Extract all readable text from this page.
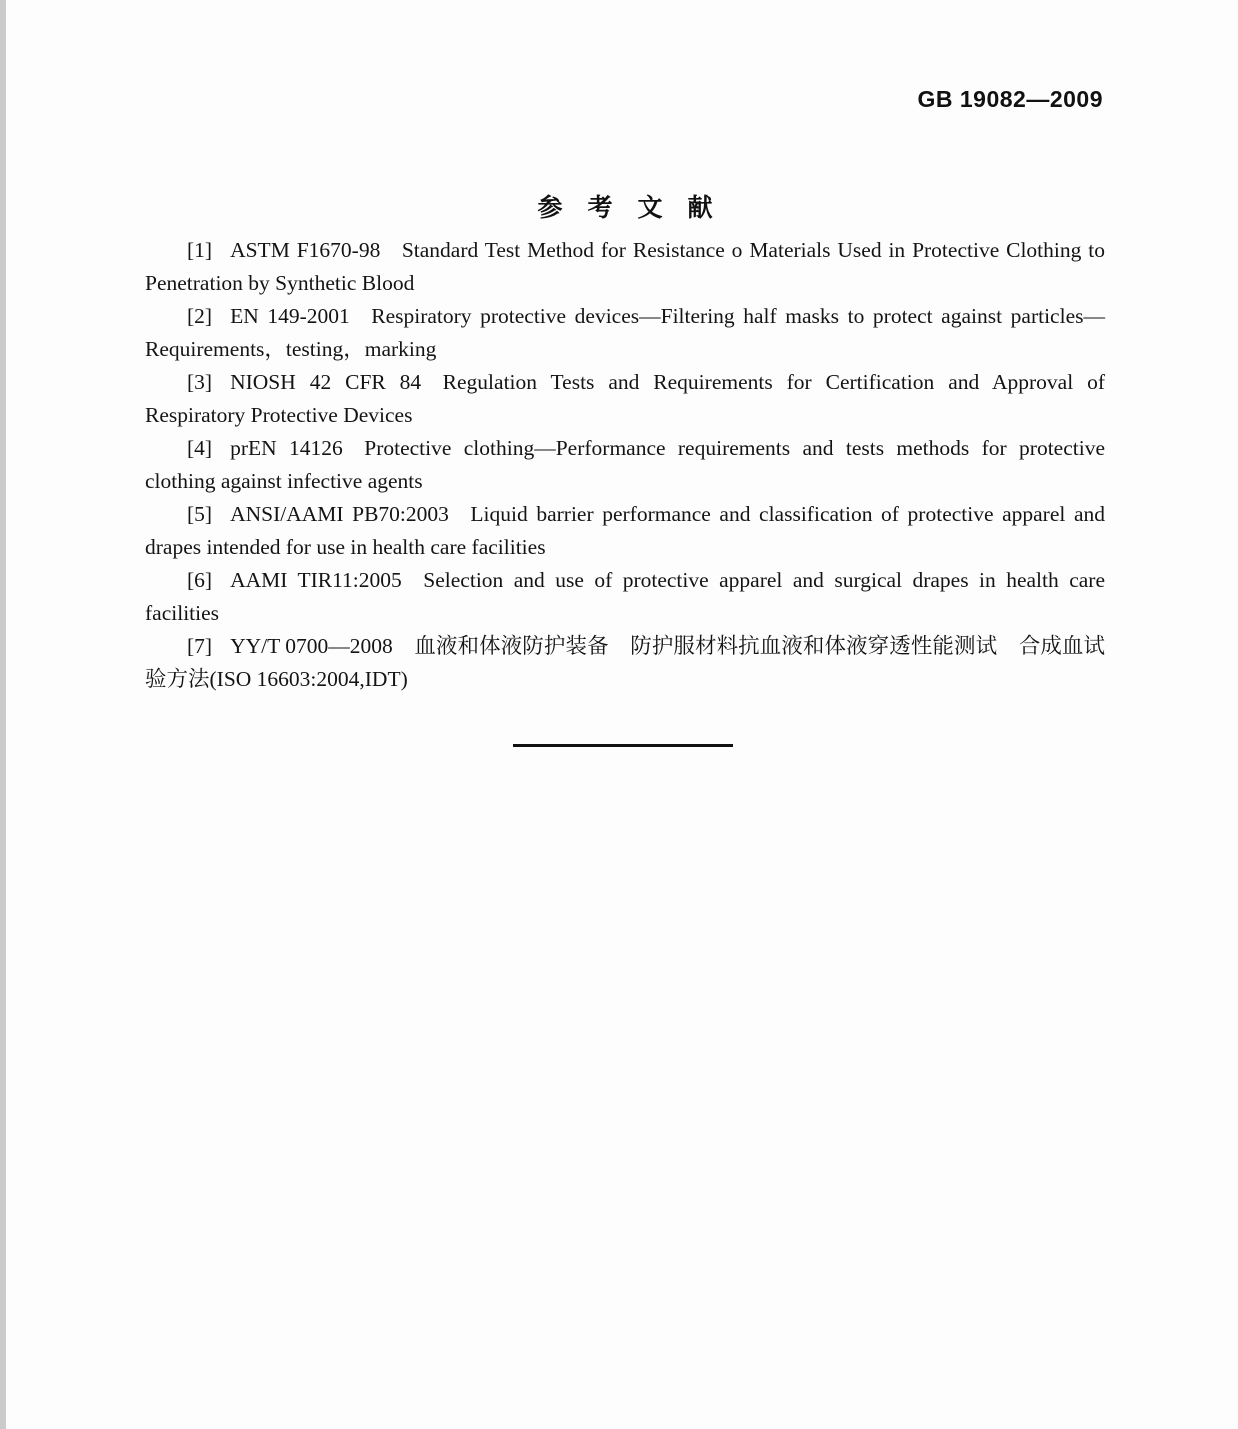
GB 19082—2009
参　考　文　献

[1] ASTM F1670-98  Standard Test Method for Resistance o Materials Used in Protective Clothing to Penetration by Synthetic Blood

[2] EN 149-2001  Respiratory protective devices—Filtering half masks to protect against particles—Requirements，testing，marking

[3] NIOSH 42 CFR 84  Regulation Tests and Requirements for Certification and Approval of Respiratory Protective Devices

[4] prEN 14126  Protective clothing—Performance requirements and tests methods for protective clothing against infective agents

[5] ANSI/AAMI PB70:2003  Liquid barrier performance and classification of protective apparel and drapes intended for use in health care facilities

[6] AAMI TIR11:2005  Selection and use of protective apparel and surgical drapes in health care facilities

[7] YY/T 0700—2008  血液和体液防护装备　防护服材料抗血液和体液穿透性能测试　合成血试验方法(ISO 16603:2004,IDT)
